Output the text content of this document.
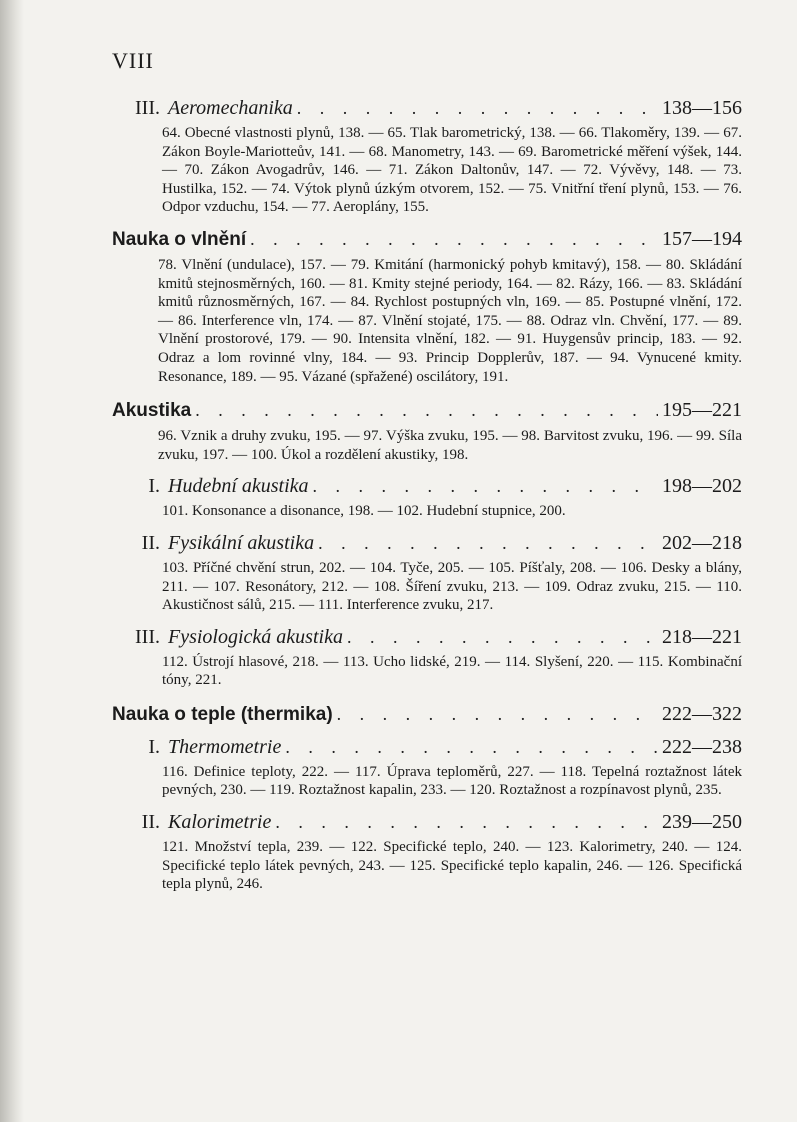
VIII
III. Aeromechanika . . .	138—156

64. Obecné vlastnosti plynů, 138. — 65. Tlak barometrický, 138. — 66. Tlakoměry, 139. — 67. Zákon Boyle-Mariotteův, 141. — 68. Manometry, 143. — 69. Barometrické měření výšek, 144. — 70. Zákon Avogadrův, 146. — 71. Zákon Daltonův, 147. — 72. Vývěvy, 148. — 73. Hustilka, 152. — 74. Výtok plynů úzkým otvorem, 152. — 75. Vnitřní tření plynů, 153. — 76. Odpor vzduchu, 154. — 77. Aeroplány, 155.

Nauka o vlnění . . .	157—194

78. Vlnění (undulace), 157. — 79. Kmitání (harmonický pohyb kmitavý), 158. — 80. Skládání kmitů stejnosměrných, 160. — 81. Kmity stejné periody, 164. — 82. Rázy, 166. — 83. Skládání kmitů různosměrných, 167. — 84. Rychlost postupných vln, 169. — 85. Postupné vlnění, 172. — 86. Interference vln, 174. — 87. Vlnění stojaté, 175. — 88. Odraz vln. Chvění, 177. — 89. Vlnění prostorové, 179. — 90. Intensita vlnění, 182. — 91. Huygensův princip, 183. — 92. Odraz a lom rovinné vlny, 184. — 93. Princip Dopplerův, 187. — 94. Vynucené kmity. Resonance, 189. — 95. Vázané (spřažené) oscilátory, 191.

Akustika . . .	195—221

96. Vznik a druhy zvuku, 195. — 97. Výška zvuku, 195. — 98. Barvitost zvuku, 196. — 99. Síla zvuku, 197. — 100. Úkol a rozdělení akustiky, 198.

I. Hudební akustika . . .	198—202

101. Konsonance a disonance, 198. — 102. Hudební stupnice, 200.

II. Fysikální akustika . . .	202—218

103. Příčné chvění strun, 202. — 104. Tyče, 205. — 105. Píšťaly, 208. — 106. Desky a blány, 211. — 107. Resonátory, 212. — 108. Šíření zvuku, 213. — 109. Odraz zvuku, 215. — 110. Akustičnost sálů, 215. — 111. Interference zvuku, 217.

III. Fysiologická akustika . . .	218—221

112. Ústrojí hlasové, 218. — 113. Ucho lidské, 219. — 114. Slyšení, 220. — 115. Kombinační tóny, 221.

Nauka o teple (thermika) . . .	222—322
I. Thermometrie . . .	222—238

116. Definice teploty, 222. — 117. Úprava teploměrů, 227. — 118. Tepelná roztažnost látek pevných, 230. — 119. Roztažnost kapalin, 233. — 120. Roztažnost a rozpínavost plynů, 235.

II. Kalorimetrie . . .	239—250

121. Množství tepla, 239. — 122. Specifické teplo, 240. — 123. Kalorimetry, 240. — 124. Specifické teplo látek pevných, 243. — 125. Specifické teplo kapalin, 246. — 126. Specifická tepla plynů, 246.
